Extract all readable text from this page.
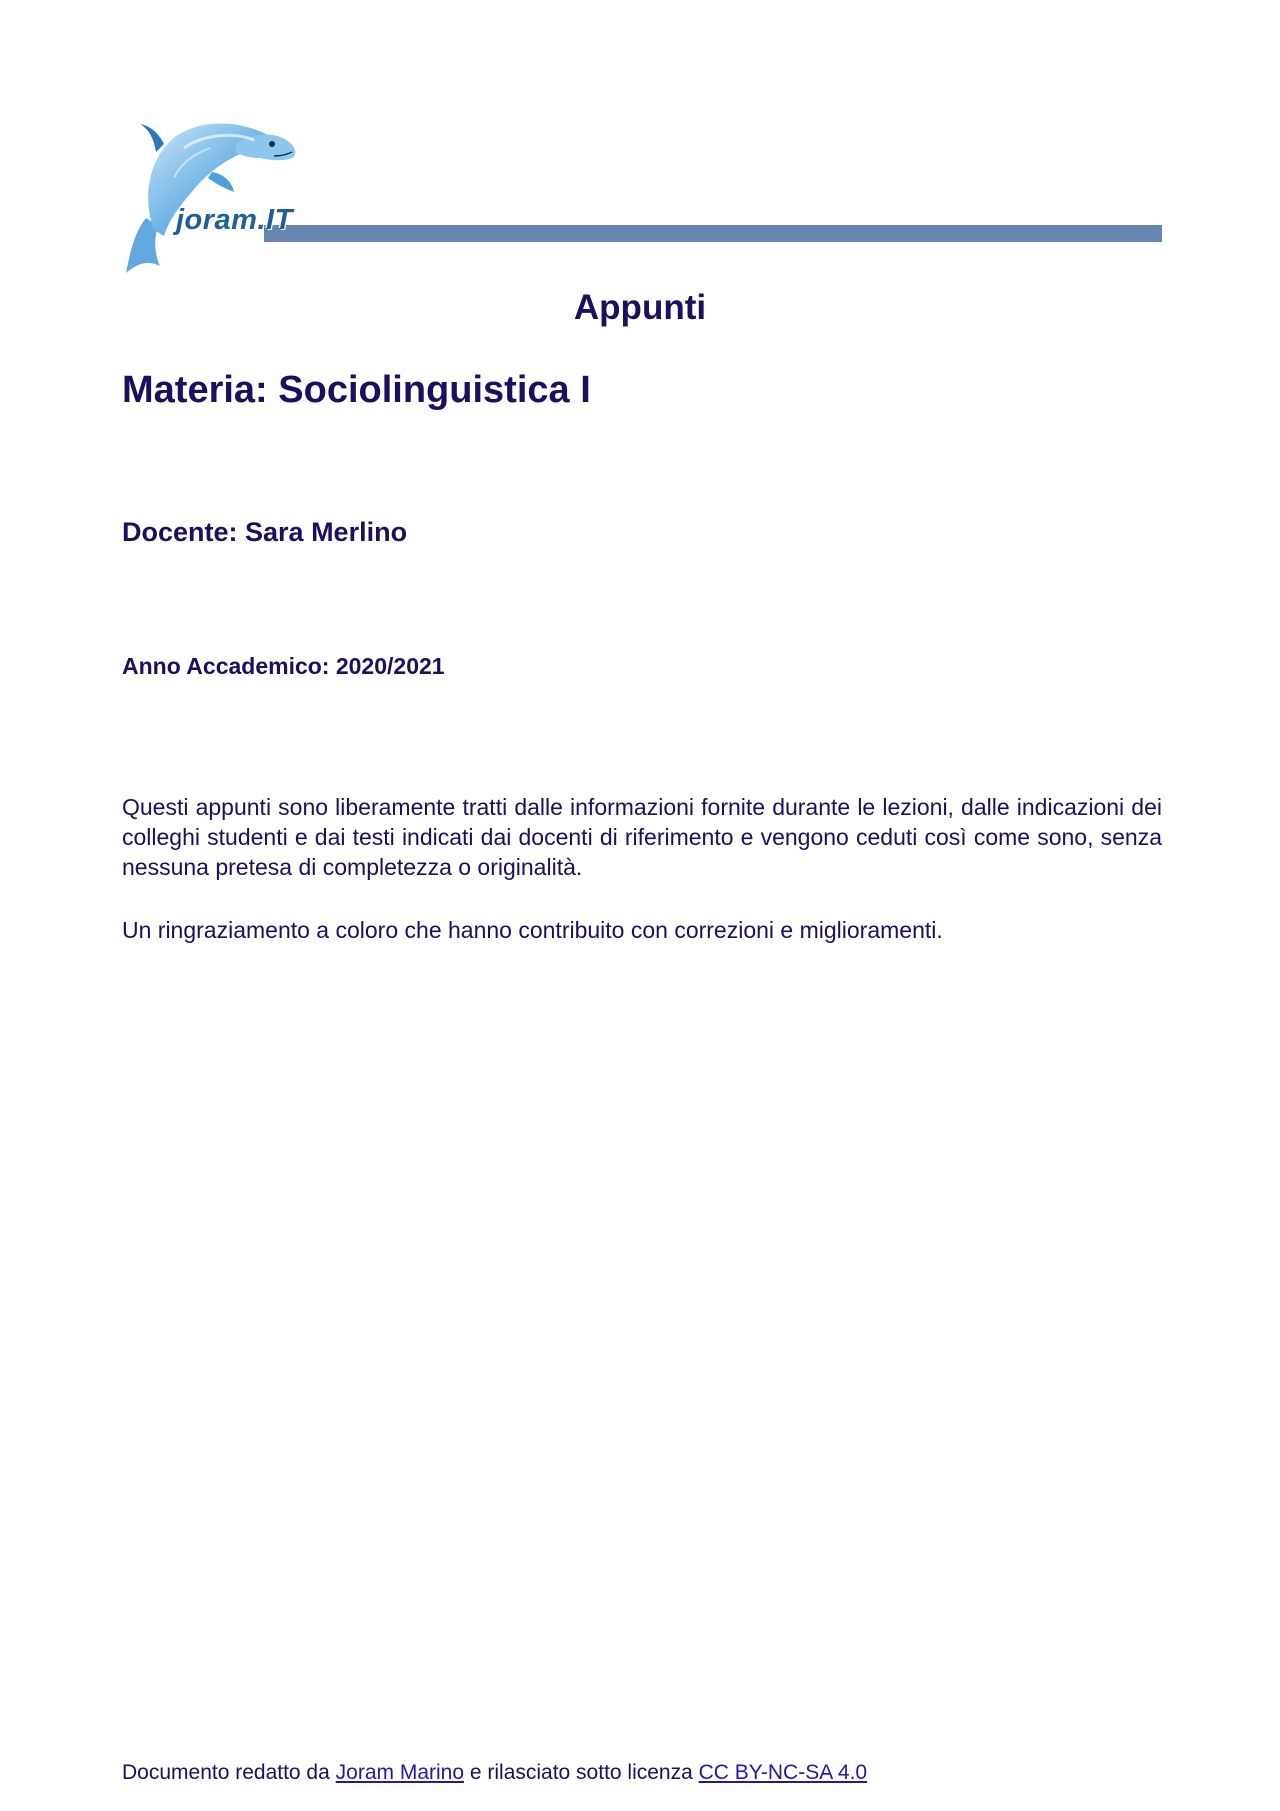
joram.IT
Appunti
Materia: Sociolinguistica I
Docente: Sara Merlino
Anno Accademico: 2020/2021

Questi appunti sono liberamente tratti dalle informazioni fornite durante le lezioni, dalle indicazioni dei colleghi studenti e dai testi indicati dai docenti di riferimento e vengono ceduti così come sono, senza nessuna pretesa di completezza o originalità.

Un ringraziamento a coloro che hanno contribuito con correzioni e miglioramenti.

Documento redatto da Joram Marino e rilasciato sotto licenza CC BY-NC-SA 4.0
